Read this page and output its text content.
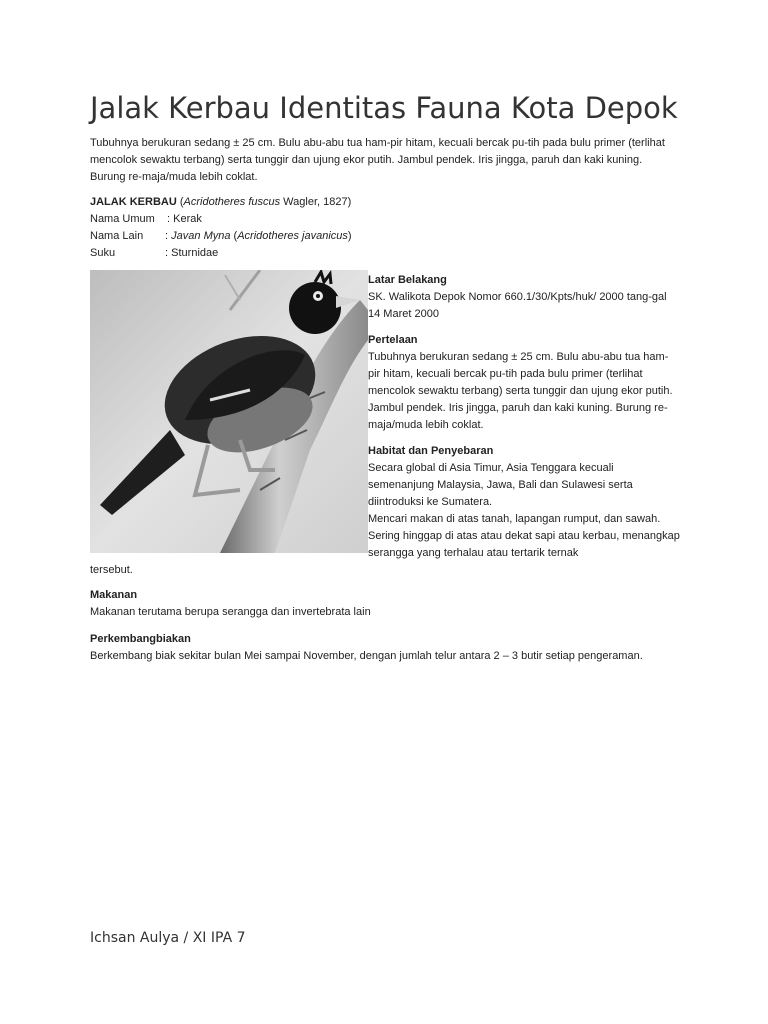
Jalak Kerbau Identitas Fauna Kota Depok

Tubuhnya berukuran sedang ± 25 cm. Bulu abu-abu tua ham-pir hitam, kecuali bercak pu-tih pada bulu primer (terlihat mencolok sewaktu terbang) serta tunggir dan ujung ekor putih. Jambul pendek. Iris jingga, paruh dan kaki kuning. Burung re-maja/muda lebih coklat.

JALAK KERBAU (Acridotheres fuscus Wagler, 1827)
Nama Umum : Kerak
Nama Lain : Javan Myna (Acridotheres javanicus)
Suku	: Sturnidae
Latar Belakang

SK. Walikota Depok Nomor 660.1/30/Kpts/huk/ 2000 tang-gal 14 Maret 2000

Pertelaan

Tubuhnya berukuran sedang ± 25 cm. Bulu abu-abu tua ham-pir hitam, kecuali bercak pu-tih pada bulu primer (terlihat mencolok sewaktu terbang) serta tunggir dan ujung ekor putih. Jambul pendek. Iris jingga, paruh dan kaki kuning. Burung re-maja/muda lebih coklat.

Habitat dan Penyebaran

Secara global di Asia Timur, Asia Tenggara kecuali semenanjung Malaysia, Jawa, Bali dan Sulawesi serta diintroduksi ke Sumatera.

Mencari makan di atas tanah, lapangan rumput, dan sawah. Sering hinggap di atas atau dekat sapi atau kerbau, menangkap serangga yang terhalau atau tertarik ternak

tersebut.

Makanan

Makanan terutama berupa serangga dan invertebrata lain

Perkembangbiakan

Berkembang biak sekitar bulan Mei sampai November, dengan jumlah telur antara 2 – 3 butir setiap pengeraman.

Ichsan Aulya / XI IPA 7
